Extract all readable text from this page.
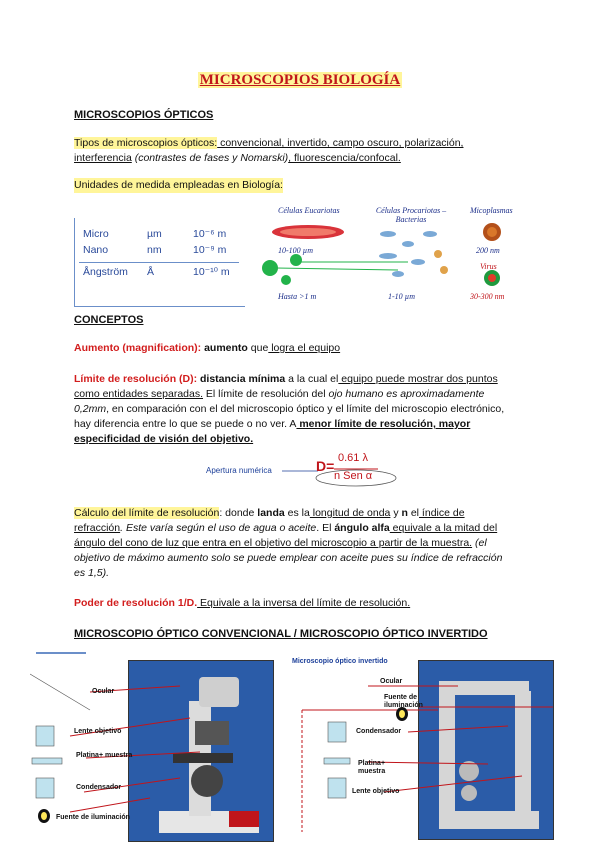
MICROSCOPIOS BIOLOGÍA
MICROSCOPIOS ÓPTICOS
Tipos de microscopios ópticos: convencional, invertido, campo oscuro, polarización,
interferencia (contrastes de fases y Nomarski), fluorescencia/confocal.
Unidades de medida empleadas en Biología:
Micro	µm	10⁻⁶ m
Nano	nm	10⁻⁹ m
Ångström Å	10⁻¹⁰ m
Células Eucariotas
10-100 µm
Hasta >1 m
Células Procariotas – Bacterias
1-10 µm
Micoplasmas
200 nm
Virus
30-300 nm
CONCEPTOS
Aumento (magnification): aumento que logra el equipo
Límite de resolución (D): distancia mínima a la cual el equipo puede mostrar dos puntos
como entidades separadas. El límite de resolución del ojo humano es aproximadamente
0,2mm, en comparación con el del microscopio óptico y el límite del microscopio electrónico,
hay diferencia entre lo que se puede o no ver. A menor límite de resolución, mayor
especificidad de visión del objetivo.
Apertura numérica	D= 0.61 λ
n Sen α
Cálculo del límite de resolución: donde landa es la longitud de onda y n el índice de
refracción. Este varía según el uso de agua o aceite. El ángulo alfa equivale a la mitad del
ángulo del cono de luz que entra en el objetivo del microscopio a partir de la muestra. (el
objetivo de máximo aumento solo se puede emplear con aceite pues su índice de refracción
es 1,5).
Poder de resolución 1/D. Equivale a la inversa del límite de resolución.
MICROSCOPIO ÓPTICO CONVENCIONAL / MICROSCOPIO ÓPTICO INVERTIDO
Ocular
Lente objetivo
Platina+ muestra
Condensador
Fuente de iluminación
Microscopio óptico invertido
Ocular
Fuente de iluminación
Condensador
Platina+ muestra
Lente objetivo
